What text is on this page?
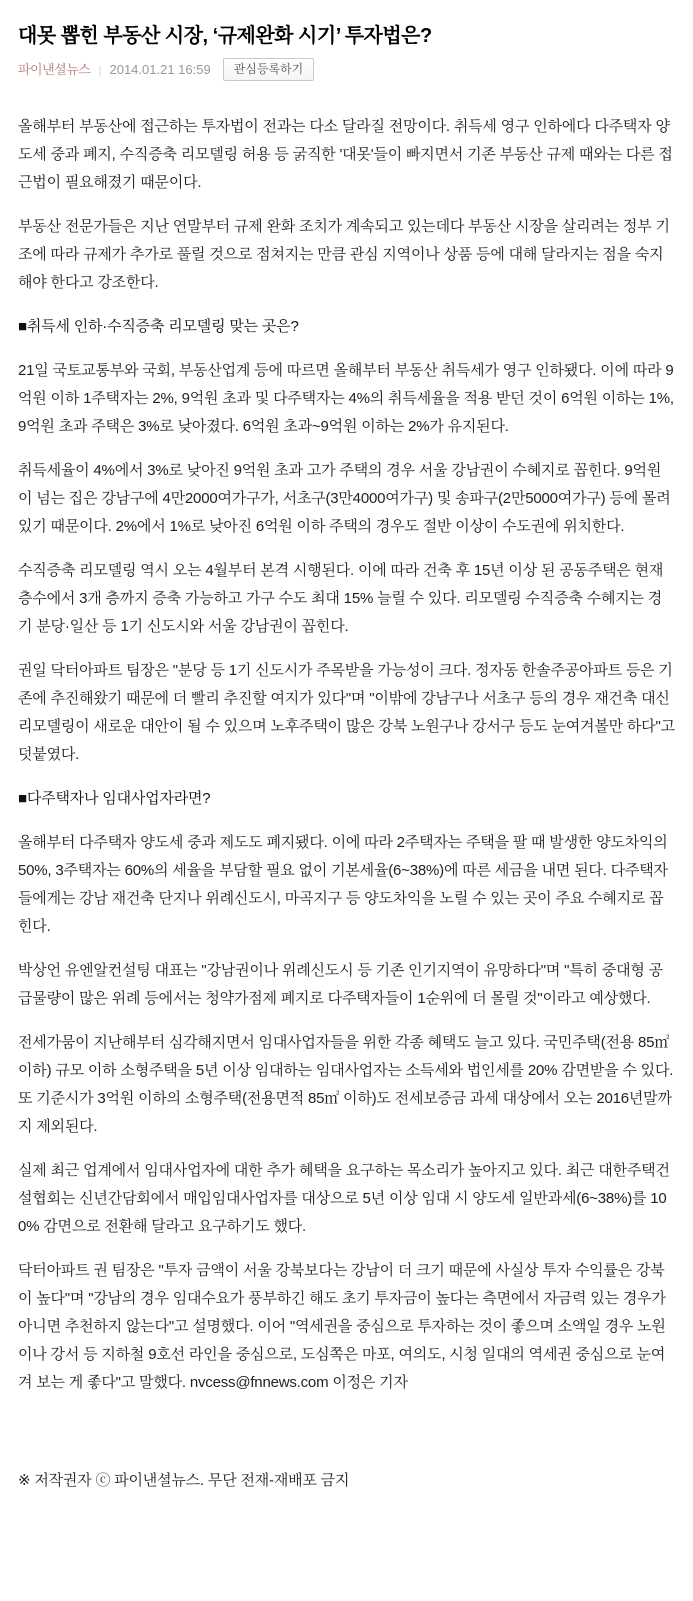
대못 뽑힌 부동산 시장, ‘규제완화 시기’ 투자법은?
파이낸셜뉴스 | 2014.01.21 16:59	관심등록하기

올해부터 부동산에 접근하는 투자법이 전과는 다소 달라질 전망이다. 취득세 영구 인하에다 다주택자 양도세 중과 폐지, 수직증축 리모델링 허용 등 굵직한 '대못'들이 빠지면서 기존 부동산 규제 때와는 다른 접근법이 필요해졌기 때문이다.

부동산 전문가들은 지난 연말부터 규제 완화 조치가 계속되고 있는데다 부동산 시장을 살리려는 정부 기조에 따라 규제가 추가로 풀릴 것으로 점쳐지는 만큼 관심 지역이나 상품 등에 대해 달라지는 점을 숙지해야 한다고 강조한다.

■취득세 인하·수직증축 리모델링 맞는 곳은?

21일 국토교통부와 국회, 부동산업계 등에 따르면 올해부터 부동산 취득세가 영구 인하됐다. 이에 따라 9억원 이하 1주택자는 2%, 9억원 초과 및 다주택자는 4%의 취득세율을 적용 받던 것이 6억원 이하는 1%, 9억원 초과 주택은 3%로 낮아졌다. 6억원 초과~9억원 이하는 2%가 유지된다.

취득세율이 4%에서 3%로 낮아진 9억원 초과 고가 주택의 경우 서울 강남권이 수혜지로 꼽힌다. 9억원이 넘는 집은 강남구에 4만2000여가구가, 서초구(3만4000여가구) 및 송파구(2만5000여가구) 등에 몰려 있기 때문이다. 2%에서 1%로 낮아진 6억원 이하 주택의 경우도 절반 이상이 수도권에 위치한다.

수직증축 리모델링 역시 오는 4월부터 본격 시행된다. 이에 따라 건축 후 15년 이상 된 공동주택은 현재 층수에서 3개 층까지 증축 가능하고 가구 수도 최대 15% 늘릴 수 있다. 리모델링 수직증축 수혜지는 경기 분당·일산 등 1기 신도시와 서울 강남권이 꼽힌다.

권일 닥터아파트 팀장은 "분당 등 1기 신도시가 주목받을 가능성이 크다. 정자동 한솔주공아파트 등은 기존에 추진해왔기 때문에 더 빨리 추진할 여지가 있다"며 "이밖에 강남구나 서초구 등의 경우 재건축 대신 리모델링이 새로운 대안이 될 수 있으며 노후주택이 많은 강북 노원구나 강서구 등도 눈여겨볼만 하다"고 덧붙였다.

■다주택자나 임대사업자라면?

올해부터 다주택자 양도세 중과 제도도 폐지됐다. 이에 따라 2주택자는 주택을 팔 때 발생한 양도차익의 50%, 3주택자는 60%의 세율을 부담할 필요 없이 기본세율(6~38%)에 따른 세금을 내면 된다. 다주택자들에게는 강남 재건축 단지나 위례신도시, 마곡지구 등 양도차익을 노릴 수 있는 곳이 주요 수혜지로 꼽힌다.

박상언 유엔알컨설팅 대표는 "강남권이나 위례신도시 등 기존 인기지역이 유망하다"며 "특히 중대형 공급물량이 많은 위례 등에서는 청약가점제 폐지로 다주택자들이 1순위에 더 몰릴 것"이라고 예상했다.

전세가뭄이 지난해부터 심각해지면서 임대사업자들을 위한 각종 혜택도 늘고 있다. 국민주택(전용 85㎡ 이하) 규모 이하 소형주택을 5년 이상 임대하는 임대사업자는 소득세와 법인세를 20% 감면받을 수 있다. 또 기준시가 3억원 이하의 소형주택(전용면적 85㎡ 이하)도 전세보증금 과세 대상에서 오는 2016년말까지 제외된다.

실제 최근 업계에서 임대사업자에 대한 추가 혜택을 요구하는 목소리가 높아지고 있다. 최근 대한주택건설협회는 신년간담회에서 매입임대사업자를 대상으로 5년 이상 임대 시 양도세 일반과세(6~38%)를 100% 감면으로 전환해 달라고 요구하기도 했다.

닥터아파트 권 팀장은 "투자 금액이 서울 강북보다는 강남이 더 크기 때문에 사실상 투자 수익률은 강북이 높다"며 "강남의 경우 임대수요가 풍부하긴 해도 초기 투자금이 높다는 측면에서 자금력 있는 경우가 아니면 추천하지 않는다"고 설명했다. 이어 "역세권을 중심으로 투자하는 것이 좋으며 소액일 경우 노원이나 강서 등 지하철 9호선 라인을 중심으로, 도심쪽은 마포, 여의도, 시청 일대의 역세권 중심으로 눈여겨 보는 게 좋다"고 말했다. nvcess@fnnews.com 이정은 기자

※ 저작권자 ⓒ 파이낸셜뉴스. 무단 전재-재배포 금지
